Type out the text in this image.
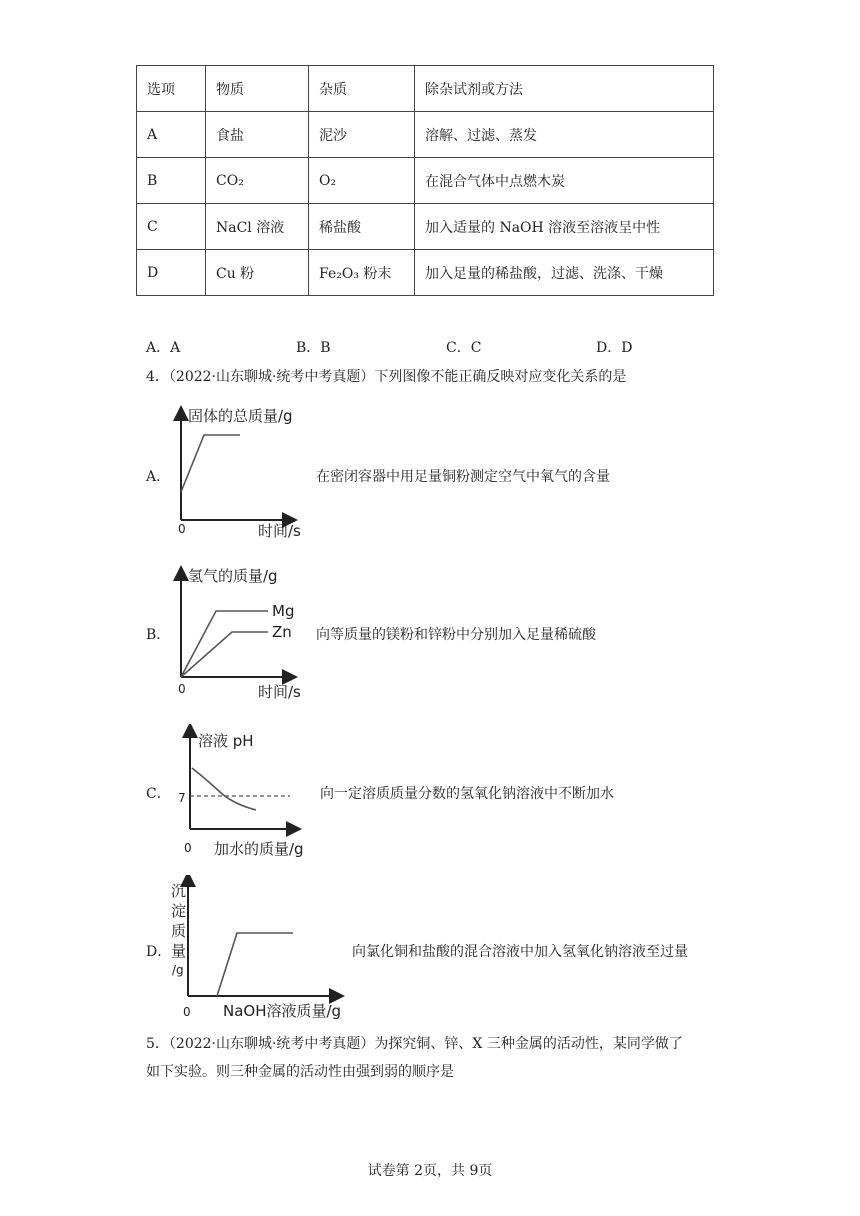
选项	物质	杂质	除杂试剂或方法
A	食盐	泥沙	溶解、过滤、蒸发
B	CO₂	O₂	在混合气体中点燃木炭
C	NaCl 溶液	稀盐酸	加入适量的 NaOH 溶液至溶液呈中性
D	Cu 粉	Fe₂O₃ 粉末	加入足量的稀盐酸，过滤、洗涤、干燥
A．A	B．B	C．C	D．D
4．（2022·山东聊城·统考中考真题）下列图像不能正确反映对应变化关系的是
A．
固体的总质量/g
时间/s
0
在密闭容器中用足量铜粉测定空气中氧气的含量
B．
Mg
Zn
氢气的质量/g
时间/s
0
向等质量的镁粉和锌粉中分别加入足量稀硫酸
C．
溶液 pH
7
加水的质量/g
0
向一定溶质质量分数的氢氧化钠溶液中不断加水
D．
沉
淀
质
量
/g
NaOH溶液质量/g
0
向氯化铜和盐酸的混合溶液中加入氢氧化钠溶液至过量
5．（2022·山东聊城·统考中考真题）为探究铜、锌、X 三种金属的活动性，某同学做了
如下实验。则三种金属的活动性由强到弱的顺序是
试卷第 2页，共 9页
